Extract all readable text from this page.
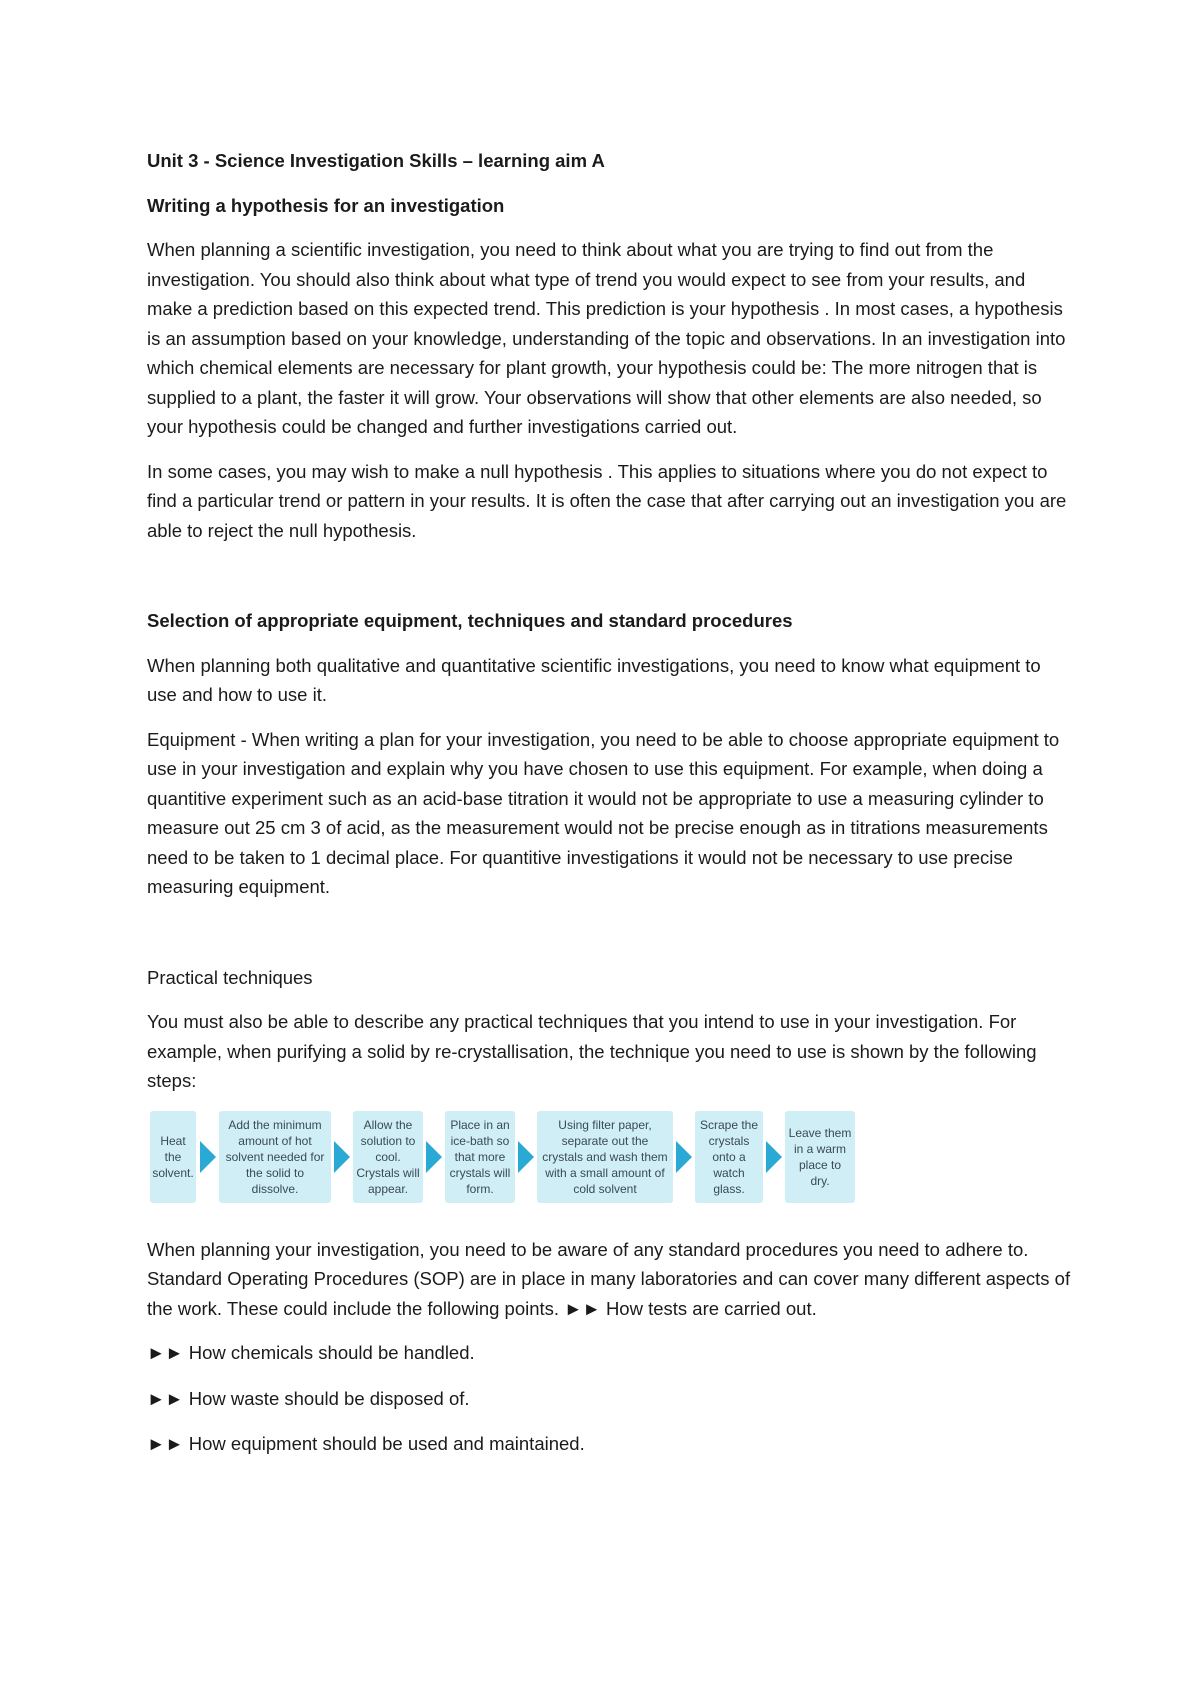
Unit 3 - Science Investigation Skills – learning aim A

Writing a hypothesis for an investigation

When planning a scientific investigation, you need to think about what you are trying to find out from the investigation. You should also think about what type of trend you would expect to see from your results, and make a prediction based on this expected trend. This prediction is your hypothesis . In most cases, a hypothesis is an assumption based on your knowledge, understanding of the topic and observations. In an investigation into which chemical elements are necessary for plant growth, your hypothesis could be: The more nitrogen that is supplied to a plant, the faster it will grow. Your observations will show that other elements are also needed, so your hypothesis could be changed and further investigations carried out.

In some cases, you may wish to make a null hypothesis . This applies to situations where you do not expect to find a particular trend or pattern in your results. It is often the case that after carrying out an investigation you are able to reject the null hypothesis.

Selection of appropriate equipment, techniques and standard procedures

When planning both qualitative and quantitative scientific investigations, you need to know what equipment to use and how to use it.

Equipment - When writing a plan for your investigation, you need to be able to choose appropriate equipment to use in your investigation and explain why you have chosen to use this equipment. For example, when doing a quantitive experiment such as an acid-base titration it would not be appropriate to use a measuring cylinder to measure out 25 cm 3 of acid, as the measurement would not be precise enough as in titrations measurements need to be taken to 1 decimal place. For quantitive investigations it would not be necessary to use precise measuring equipment.

Practical techniques

You must also be able to describe any practical techniques that you intend to use in your investigation. For example, when purifying a solid by re-crystallisation, the technique you need to use is shown by the following steps:

Heat the solvent.
Add the minimum amount of hot solvent needed for the solid to dissolve.
Allow the solution to cool. Crystals will appear.
Place in an ice-bath so that more crystals will form.
Using filter paper, separate out the crystals and wash them with a small amount of cold solvent
Scrape the crystals onto a watch glass.
Leave them in a warm place to dry.

When planning your investigation, you need to be aware of any standard procedures you need to adhere to. Standard Operating Procedures (SOP) are in place in many laboratories and can cover many different aspects of the work. These could include the following points. ►► How tests are carried out.

►► How chemicals should be handled.

►► How waste should be disposed of.

►► How equipment should be used and maintained.
